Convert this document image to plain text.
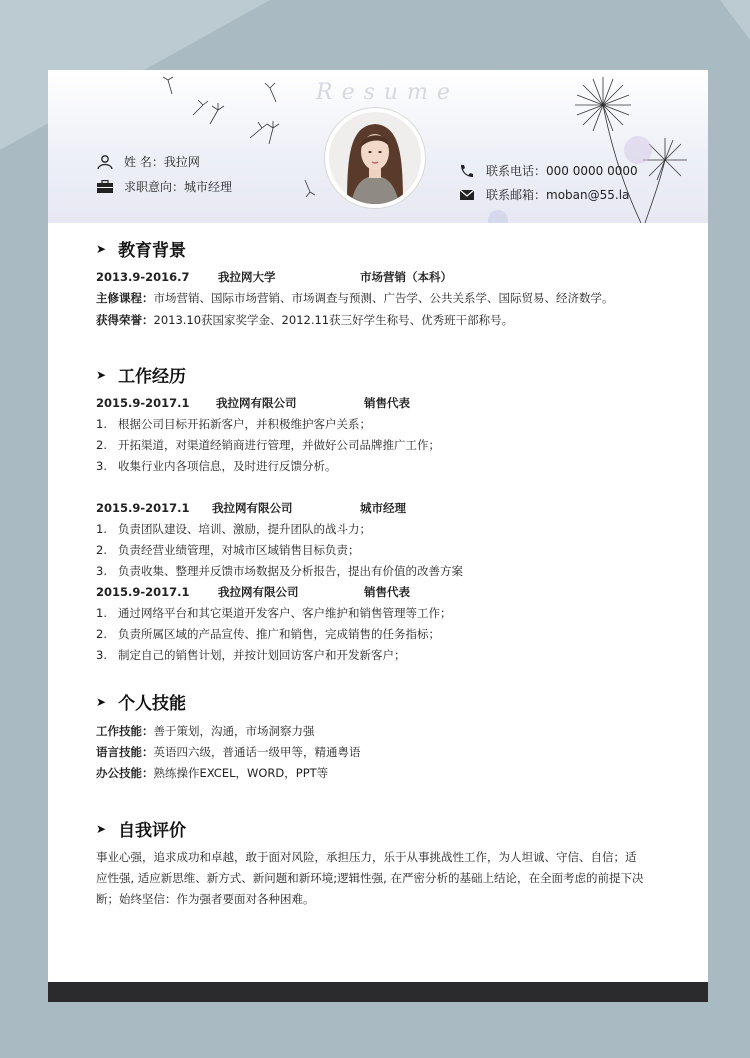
Resume
姓 名： 我拉网
求职意向： 城市经理
联系电话： 000 0000 0000
联系邮箱： moban@55.la
➤ 教育背景
2013.9-2016.7 我拉网大学	市场营销（本科）
主修课程：市场营销、国际市场营销、市场调查与预测、广告学、公共关系学、国际贸易、经济数学。
获得荣誉：2013.10获国家奖学金、2012.11获三好学生称号、优秀班干部称号。
➤ 工作经历
2015.9-2017.1 我拉网有限公司	销售代表
1. 根据公司目标开拓新客户，并积极维护客户关系；
2. 开拓渠道，对渠道经销商进行管理，并做好公司品牌推广工作；
3. 收集行业内各项信息，及时进行反馈分析。
2015.9-2017.1 我拉网有限公司	城市经理
1. 负责团队建设、培训、激励，提升团队的战斗力；
2. 负责经营业绩管理，对城市区域销售目标负责；
3. 负责收集、整理并反馈市场数据及分析报告，提出有价值的改善方案
2015.9-2017.1 我拉网有限公司	销售代表
1. 通过网络平台和其它渠道开发客户、客户维护和销售管理等工作；
2. 负责所属区域的产品宣传、推广和销售，完成销售的任务指标；
3. 制定自己的销售计划，并按计划回访客户和开发新客户；
➤ 个人技能
工作技能：善于策划，沟通，市场洞察力强
语言技能：英语四六级，普通话一级甲等，精通粤语
办公技能：熟练操作EXCEL，WORD，PPT等
➤ 自我评价
事业心强，追求成功和卓越，敢于面对风险，承担压力，乐于从事挑战性工作，为人坦诚、守信、自信；适应性强, 适应新思维、新方式、新问题和新环境;逻辑性强, 在严密分析的基础上结论，在全面考虑的前提下决断；始终坚信：作为强者要面对各种困难。
